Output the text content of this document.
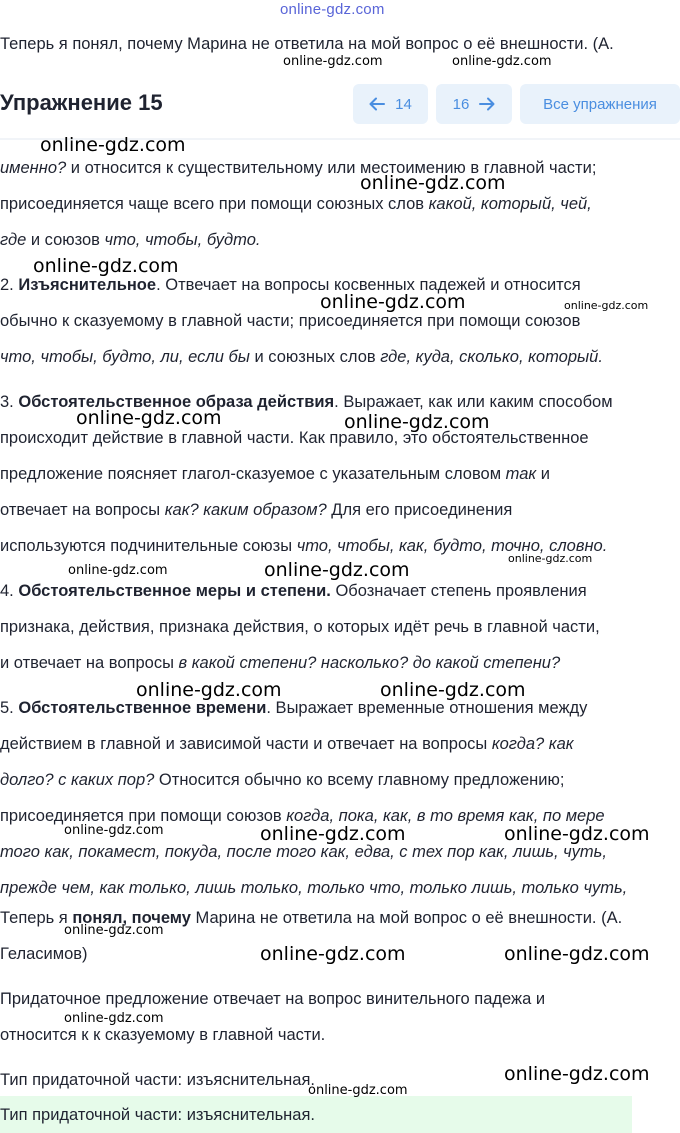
online-gdz.com
Теперь я понял, почему Марина не ответила на мой вопрос о её внешности. (А.
online-gdz.com	online-gdz.com
Упражнение 15	14	16	Все упражнения
именно? и относится к существительному или местоимению в главной части;
присоединяется чаще всего при помощи союзных слов какой, который, чей,
где и союзов что, чтобы, будто.
2. Изъяснительное. Отвечает на вопросы косвенных падежей и относится
обычно к сказуемому в главной части; присоединяется при помощи союзов
что, чтобы, будто, ли, если бы и союзных слов где, куда, сколько, который.
3. Обстоятельственное образа действия. Выражает, как или каким способом
происходит действие в главной части. Как правило, это обстоятельственное
предложение поясняет глагол-сказуемое с указательным словом так и
отвечает на вопросы как? каким образом? Для его присоединения
используются подчинительные союзы что, чтобы, как, будто, точно, словно.
4. Обстоятельственное меры и степени. Обозначает степень проявления
признака, действия, признака действия, о которых идёт речь в главной части,
и отвечает на вопросы в какой степени? насколько? до какой степени?
5. Обстоятельственное времени. Выражает временные отношения между
действием в главной и зависимой части и отвечает на вопросы когда? как
долго? с каких пор? Относится обычно ко всему главному предложению;
присоединяется при помощи союзов когда, пока, как, в то время как, по мере
того как, покамест, покуда, после того как, едва, с тех пор как, лишь, чуть,
прежде чем, как только, лишь только, только что, только лишь, только чуть,
Теперь я понял, почему Марина не ответила на мой вопрос о её внешности. (А.
Геласимов)
Придаточное предложение отвечает на вопрос винительного падежа и
относится к к сказуемому в главной части.
Тип придаточной части: изъяснительная.
Тип придаточной части: изъяснительная.
online-gdz.com
online-gdz.com
online-gdz.com
online-gdz.com	online-gdz.com
online-gdz.com	online-gdz.com
online-gdz.com
online-gdz.com	online-gdz.com
online-gdz.com	online-gdz.com
online-gdz.com	online-gdz.com	online-gdz.com
online-gdz.com
online-gdz.com	online-gdz.com
online-gdz.com
online-gdz.com
online-gdz.com
